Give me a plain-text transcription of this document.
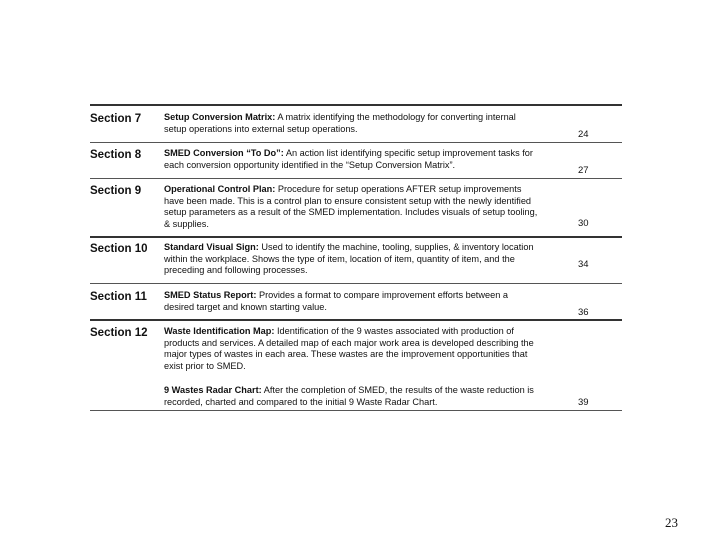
Section 7 Setup Conversion Matrix: A matrix identifying the methodology for converting internal
setup operations into external setup operations.
24
Section 8 SMED Conversion “To Do”: An action list identifying specific setup improvement tasks for
each conversion opportunity identified in the “Setup Conversion Matrix”.
27
Section 9 Operational Control Plan: Procedure for setup operations AFTER setup improvements
have been made. This is a control plan to ensure consistent setup with the newly identified
setup parameters as a result of the SMED implementation. Includes visuals of setup tooling,
& supplies.	30
Section 10 Standard Visual Sign: Used to identify the machine, tooling, supplies, & inventory location
within the workplace. Shows the type of item, location of item, quantity of item, and the
preceding and following processes.
34
Section 11 SMED Status Report: Provides a format to compare improvement efforts between a
desired target and known starting value.
36
Section 12 Waste Identification Map: Identification of the 9 wastes associated with production of
products and services. A detailed map of each major work area is developed describing the
major types of wastes in each area. These wastes are the improvement opportunities that
exist prior to SMED.
9 Wastes Radar Chart: After the completion of SMED, the results of the waste reduction is
recorded, charted and compared to the initial 9 Waste Radar Chart.	39
23
